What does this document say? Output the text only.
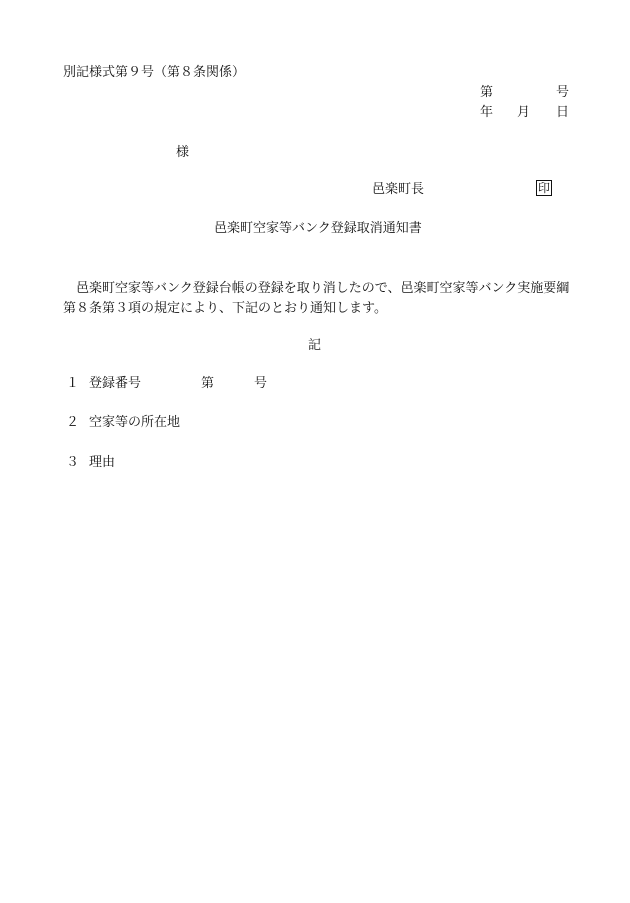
別記様式第９号（第８条関係）
第	号
年 月 日
様
邑楽町長	印
邑楽町空家等バンク登録取消通知書
邑楽町空家等バンク登録台帳の登録を取り消したので、邑楽町空家等バンク実施要綱第８条第３項の規定により、下記のとおり通知します。
記
１ 登録番号	第	号
２ 空家等の所在地
３ 理由
